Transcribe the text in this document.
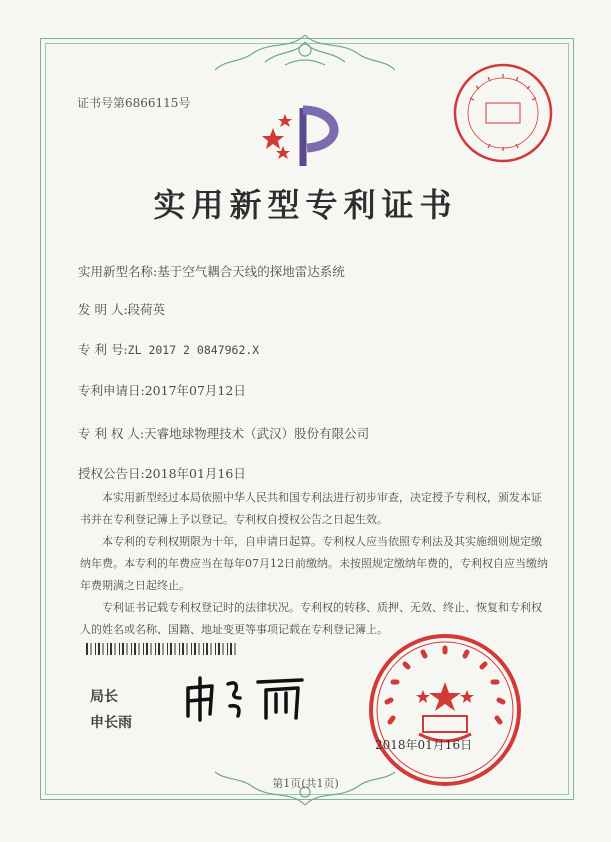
证书号第6866115号
实用新型专利证书
实用新型名称:基于空气耦合天线的探地雷达系统
发 明 人:段荷英
专 利 号:ZL 2017 2 0847962.X
专利申请日:2017年07月12日
专 利 权 人:天睿地球物理技术（武汉）股份有限公司
授权公告日:2018年01月16日

本实用新型经过本局依照中华人民共和国专利法进行初步审查，决定授予专利权，颁发本证书并在专利登记簿上予以登记。专利权自授权公告之日起生效。

本专利的专利权期限为十年，自申请日起算。专利权人应当依照专利法及其实施细则规定缴纳年费。本专利的年费应当在每年07月12日前缴纳。未按照规定缴纳年费的，专利权自应当缴纳年费期满之日起终止。

专利证书记载专利权登记时的法律状况。专利权的转移、质押、无效、终止、恢复和专利权人的姓名或名称、国籍、地址变更等事项记载在专利登记簿上。

局长
申长雨
2018年01月16日
第1页(共1页)
